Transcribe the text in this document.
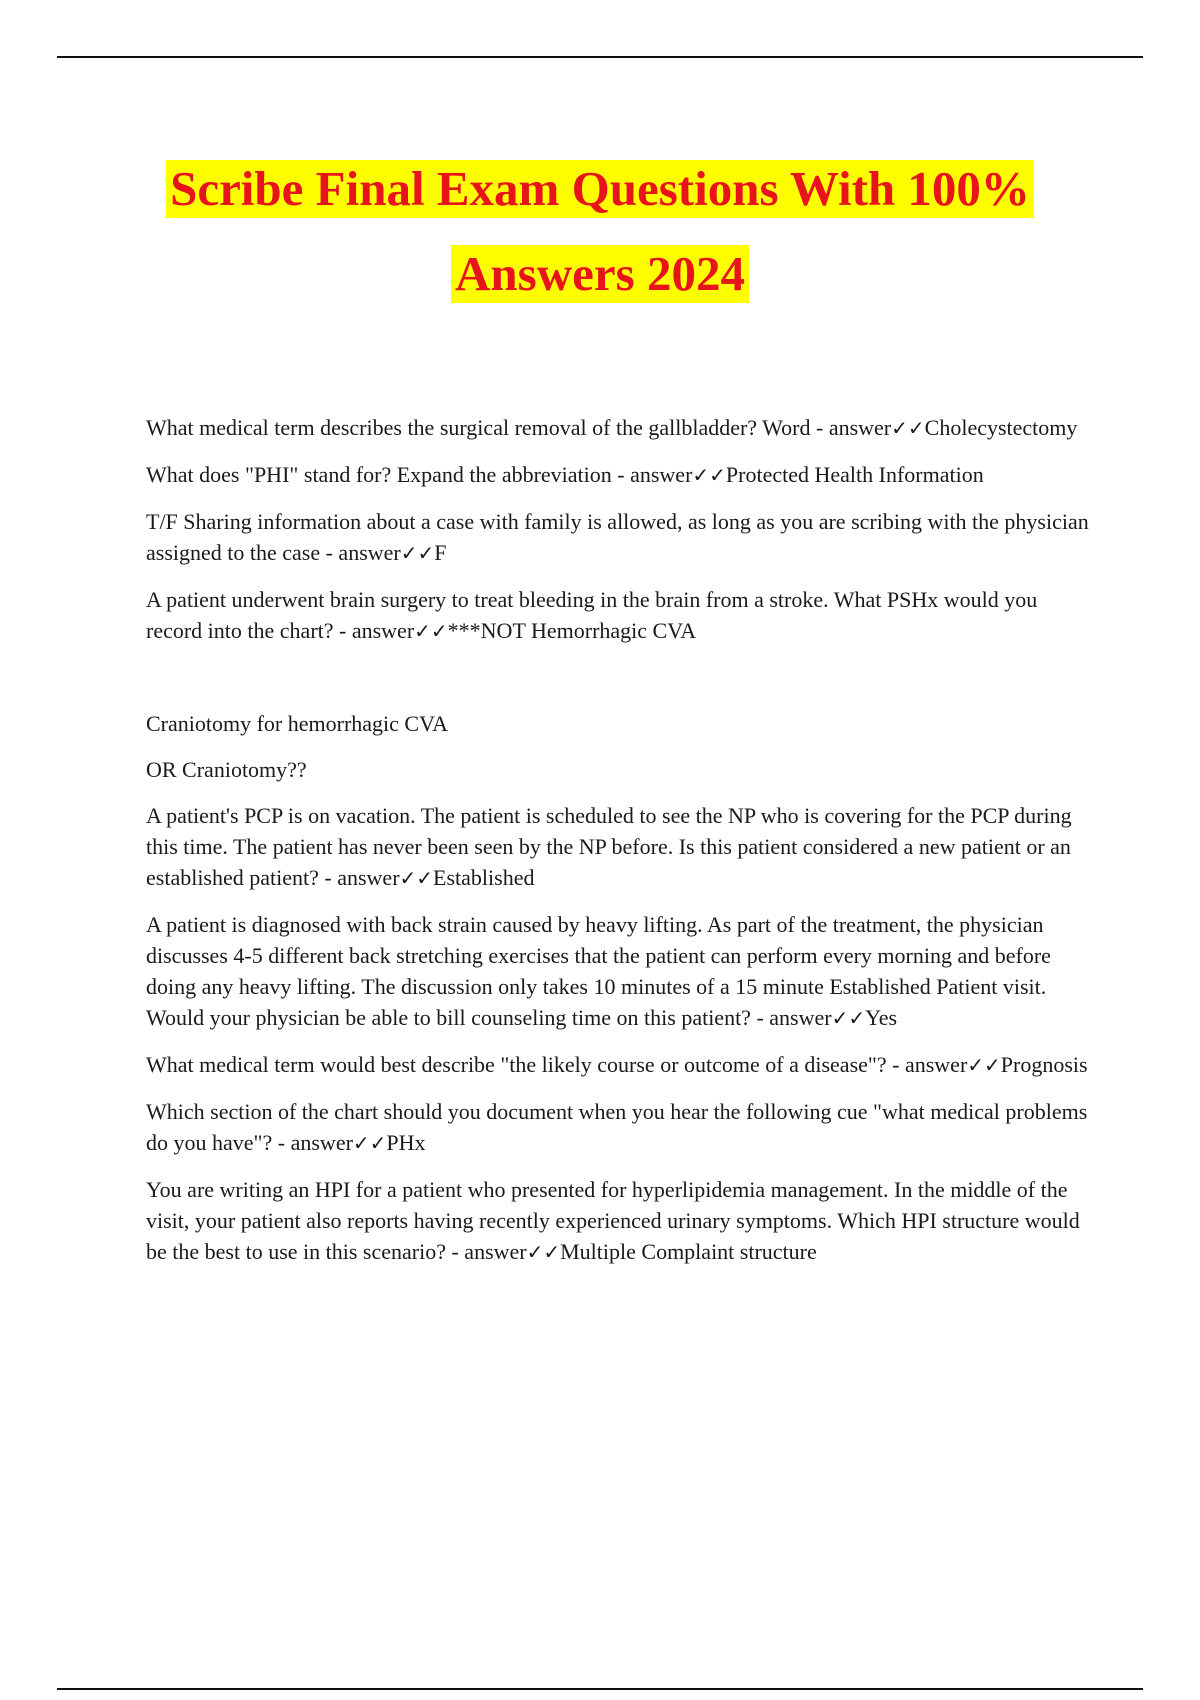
Scribe Final Exam Questions With 100%
Answers 2024

What medical term describes the surgical removal of the gallbladder? Word - answer✓✓Cholecystectomy

What does "PHI" stand for? Expand the abbreviation - answer✓✓Protected Health Information

T/F Sharing information about a case with family is allowed, as long as you are scribing with the physician assigned to the case - answer✓✓F

A patient underwent brain surgery to treat bleeding in the brain from a stroke. What PSHx would you record into the chart? - answer✓✓***NOT Hemorrhagic CVA

Craniotomy for hemorrhagic CVA

OR Craniotomy??

A patient's PCP is on vacation. The patient is scheduled to see the NP who is covering for the PCP during this time. The patient has never been seen by the NP before. Is this patient considered a new patient or an established patient? - answer✓✓Established

A patient is diagnosed with back strain caused by heavy lifting. As part of the treatment, the physician discusses 4-5 different back stretching exercises that the patient can perform every morning and before doing any heavy lifting. The discussion only takes 10 minutes of a 15 minute Established Patient visit. Would your physician be able to bill counseling time on this patient? - answer✓✓Yes

What medical term would best describe "the likely course or outcome of a disease"? - answer✓✓Prognosis

Which section of the chart should you document when you hear the following cue "what medical problems do you have"? - answer✓✓PHx

You are writing an HPI for a patient who presented for hyperlipidemia management. In the middle of the visit, your patient also reports having recently experienced urinary symptoms. Which HPI structure would be the best to use in this scenario? - answer✓✓Multiple Complaint structure
